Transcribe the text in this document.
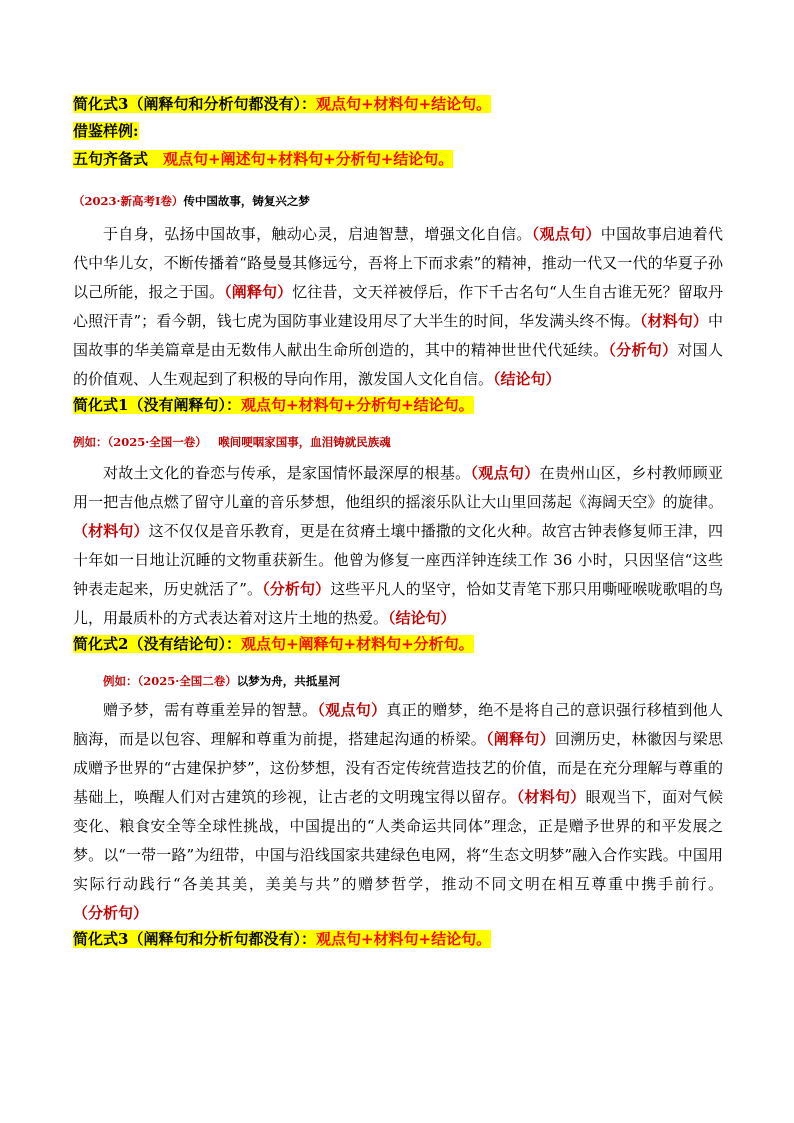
简化式3（阐释句和分析句都没有）：观点句+材料句+结论句。
借鉴样例:
五句齐备式　 观点句+阐述句+材料句+分析句+结论句。
（2023·新高考Ⅰ卷）传中国故事，铸复兴之梦
于自身，弘扬中国故事，触动心灵，启迪智慧，增强文化自信。（观点句）中国故事启迪着代代中华儿女，不断传播着“路曼曼其修远兮，吾将上下而求索”的精神，推动一代又一代的华夏子孙以己所能，报之于国。（阐释句）忆往昔，文天祥被俘后，作下千古名句“人生自古谁无死？留取丹心照汗青”；看今朝，钱七虎为国防事业建设用尽了大半生的时间，华发满头终不悔。（材料句）中国故事的华美篇章是由无数伟人献出生命所创造的，其中的精神世世代代延续。（分析句）对国人的价值观、人生观起到了积极的导向作用，激发国人文化自信。（结论句）
简化式1（没有阐释句）：观点句+材料句+分析句+结论句。
例如：（2025·全国一卷）  喉间哽咽家国事，血泪铸就民族魂
对故土文化的眷恋与传承，是家国情怀最深厚的根基。（观点句）在贵州山区，乡村教师顾亚用一把吉他点燃了留守儿童的音乐梦想，他组织的摇滚乐队让大山里回荡起《海阔天空》的旋律。（材料句）这不仅仅是音乐教育，更是在贫瘠土壤中播撒的文化火种。故宫古钟表修复师王津，四十年如一日地让沉睡的文物重获新生。他曾为修复一座西洋钟连续工作 36 小时，只因坚信“这些钟表走起来，历史就活了”。（分析句）这些平凡人的坚守，恰如艾青笔下那只用嘶哑喉咙歌唱的鸟儿，用最质朴的方式表达着对这片土地的热爱。（结论句）
简化式2（没有结论句）：观点句+阐释句+材料句+分析句。
例如：（2025·全国二卷）以梦为舟，共抵星河
赠予梦，需有尊重差异的智慧。（观点句）真正的赠梦，绝不是将自己的意识强行移植到他人脑海，而是以包容、理解和尊重为前提，搭建起沟通的桥梁。（阐释句）回溯历史，林徽因与梁思成赠予世界的“古建保护梦”，这份梦想，没有否定传统营造技艺的价值，而是在充分理解与尊重的基础上，唤醒人们对古建筑的珍视，让古老的文明瑰宝得以留存。（材料句）眼观当下，面对气候变化、粮食安全等全球性挑战，中国提出的“人类命运共同体”理念，正是赠予世界的和平发展之梦。以“一带一路”为纽带，中国与沿线国家共建绿色电网，将“生态文明梦”融入合作实践。中国用实际行动践行“各美其美，美美与共”的赠梦哲学，推动不同文明在相互尊重中携手前行。（分析句）
简化式3（阐释句和分析句都没有）：观点句+材料句+结论句。
